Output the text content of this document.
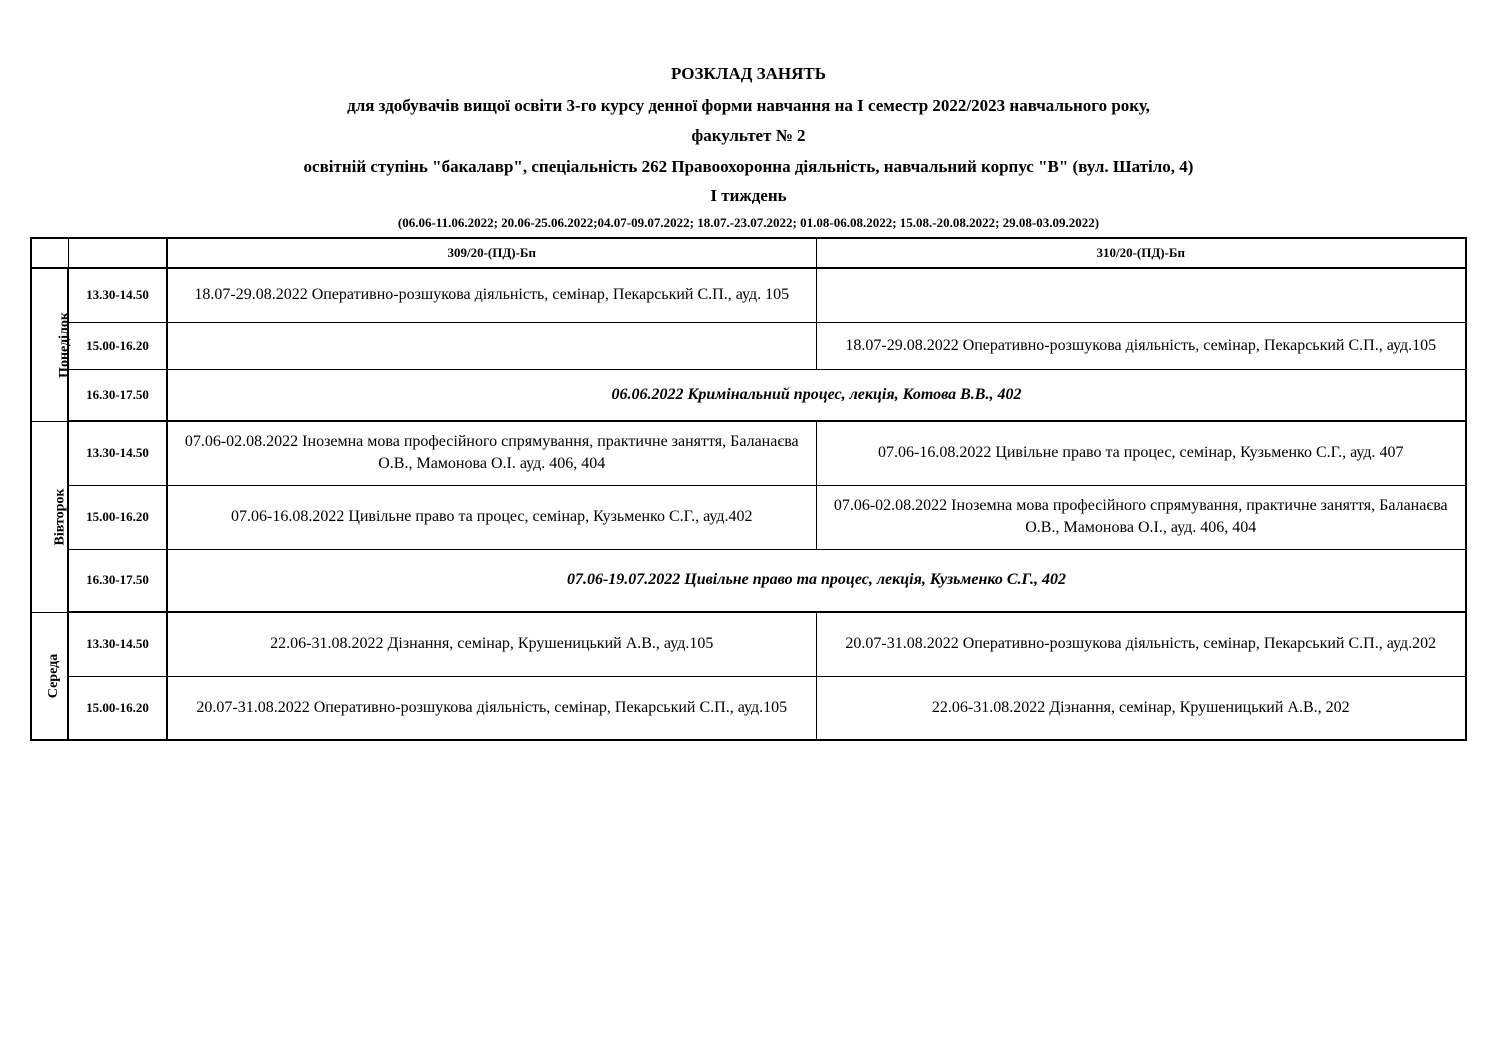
РОЗКЛАД ЗАНЯТЬ
для здобувачів вищої освіти 3-го курсу денної форми навчання на І семестр 2022/2023 навчального року,
факультет № 2
освітній ступінь "бакалавр", спеціальність 262 Правоохоронна діяльність, навчальний корпус "В" (вул. Шатіло, 4)
І тиждень
(06.06-11.06.2022; 20.06-25.06.2022;04.07-09.07.2022; 18.07.-23.07.2022; 01.08-06.08.2022; 15.08.-20.08.2022; 29.08-03.09.2022)
		309/20-(ПД)-Бп	310/20-(ПД)-Бп
Понеділок	13.30-14.50	18.07-29.08.2022 Оперативно-розшукова діяльність, семінар, Пекарський С.П., ауд. 105	
	15.00-16.20		18.07-29.08.2022 Оперативно-розшукова діяльність, семінар, Пекарський С.П., ауд.105
	16.30-17.50	06.06.2022 Кримінальний процес, лекція, Котова В.В., 402	
Вівторок	13.30-14.50	07.06-02.08.2022 Іноземна мова професійного спрямування, практичне заняття, Баланаєва О.В., Мамонова О.І. ауд. 406, 404	07.06-16.08.2022 Цивільне право та процес, семінар, Кузьменко С.Г., ауд. 407
	15.00-16.20	07.06-16.08.2022 Цивільне право та процес, семінар, Кузьменко С.Г., ауд.402	07.06-02.08.2022 Іноземна мова професійного спрямування, практичне заняття, Баланаєва О.В., Мамонова О.І., ауд. 406, 404
	16.30-17.50	07.06-19.07.2022 Цивільне право та процес, лекція, Кузьменко С.Г., 402	
Середа	13.30-14.50	22.06-31.08.2022 Дізнання, семінар, Крушеницький А.В., ауд.105	20.07-31.08.2022 Оперативно-розшукова діяльність, семінар, Пекарський С.П., ауд.202
	15.00-16.20	20.07-31.08.2022 Оперативно-розшукова діяльність, семінар, Пекарський С.П., ауд.105	22.06-31.08.2022 Дізнання, семінар, Крушеницький А.В., 202
